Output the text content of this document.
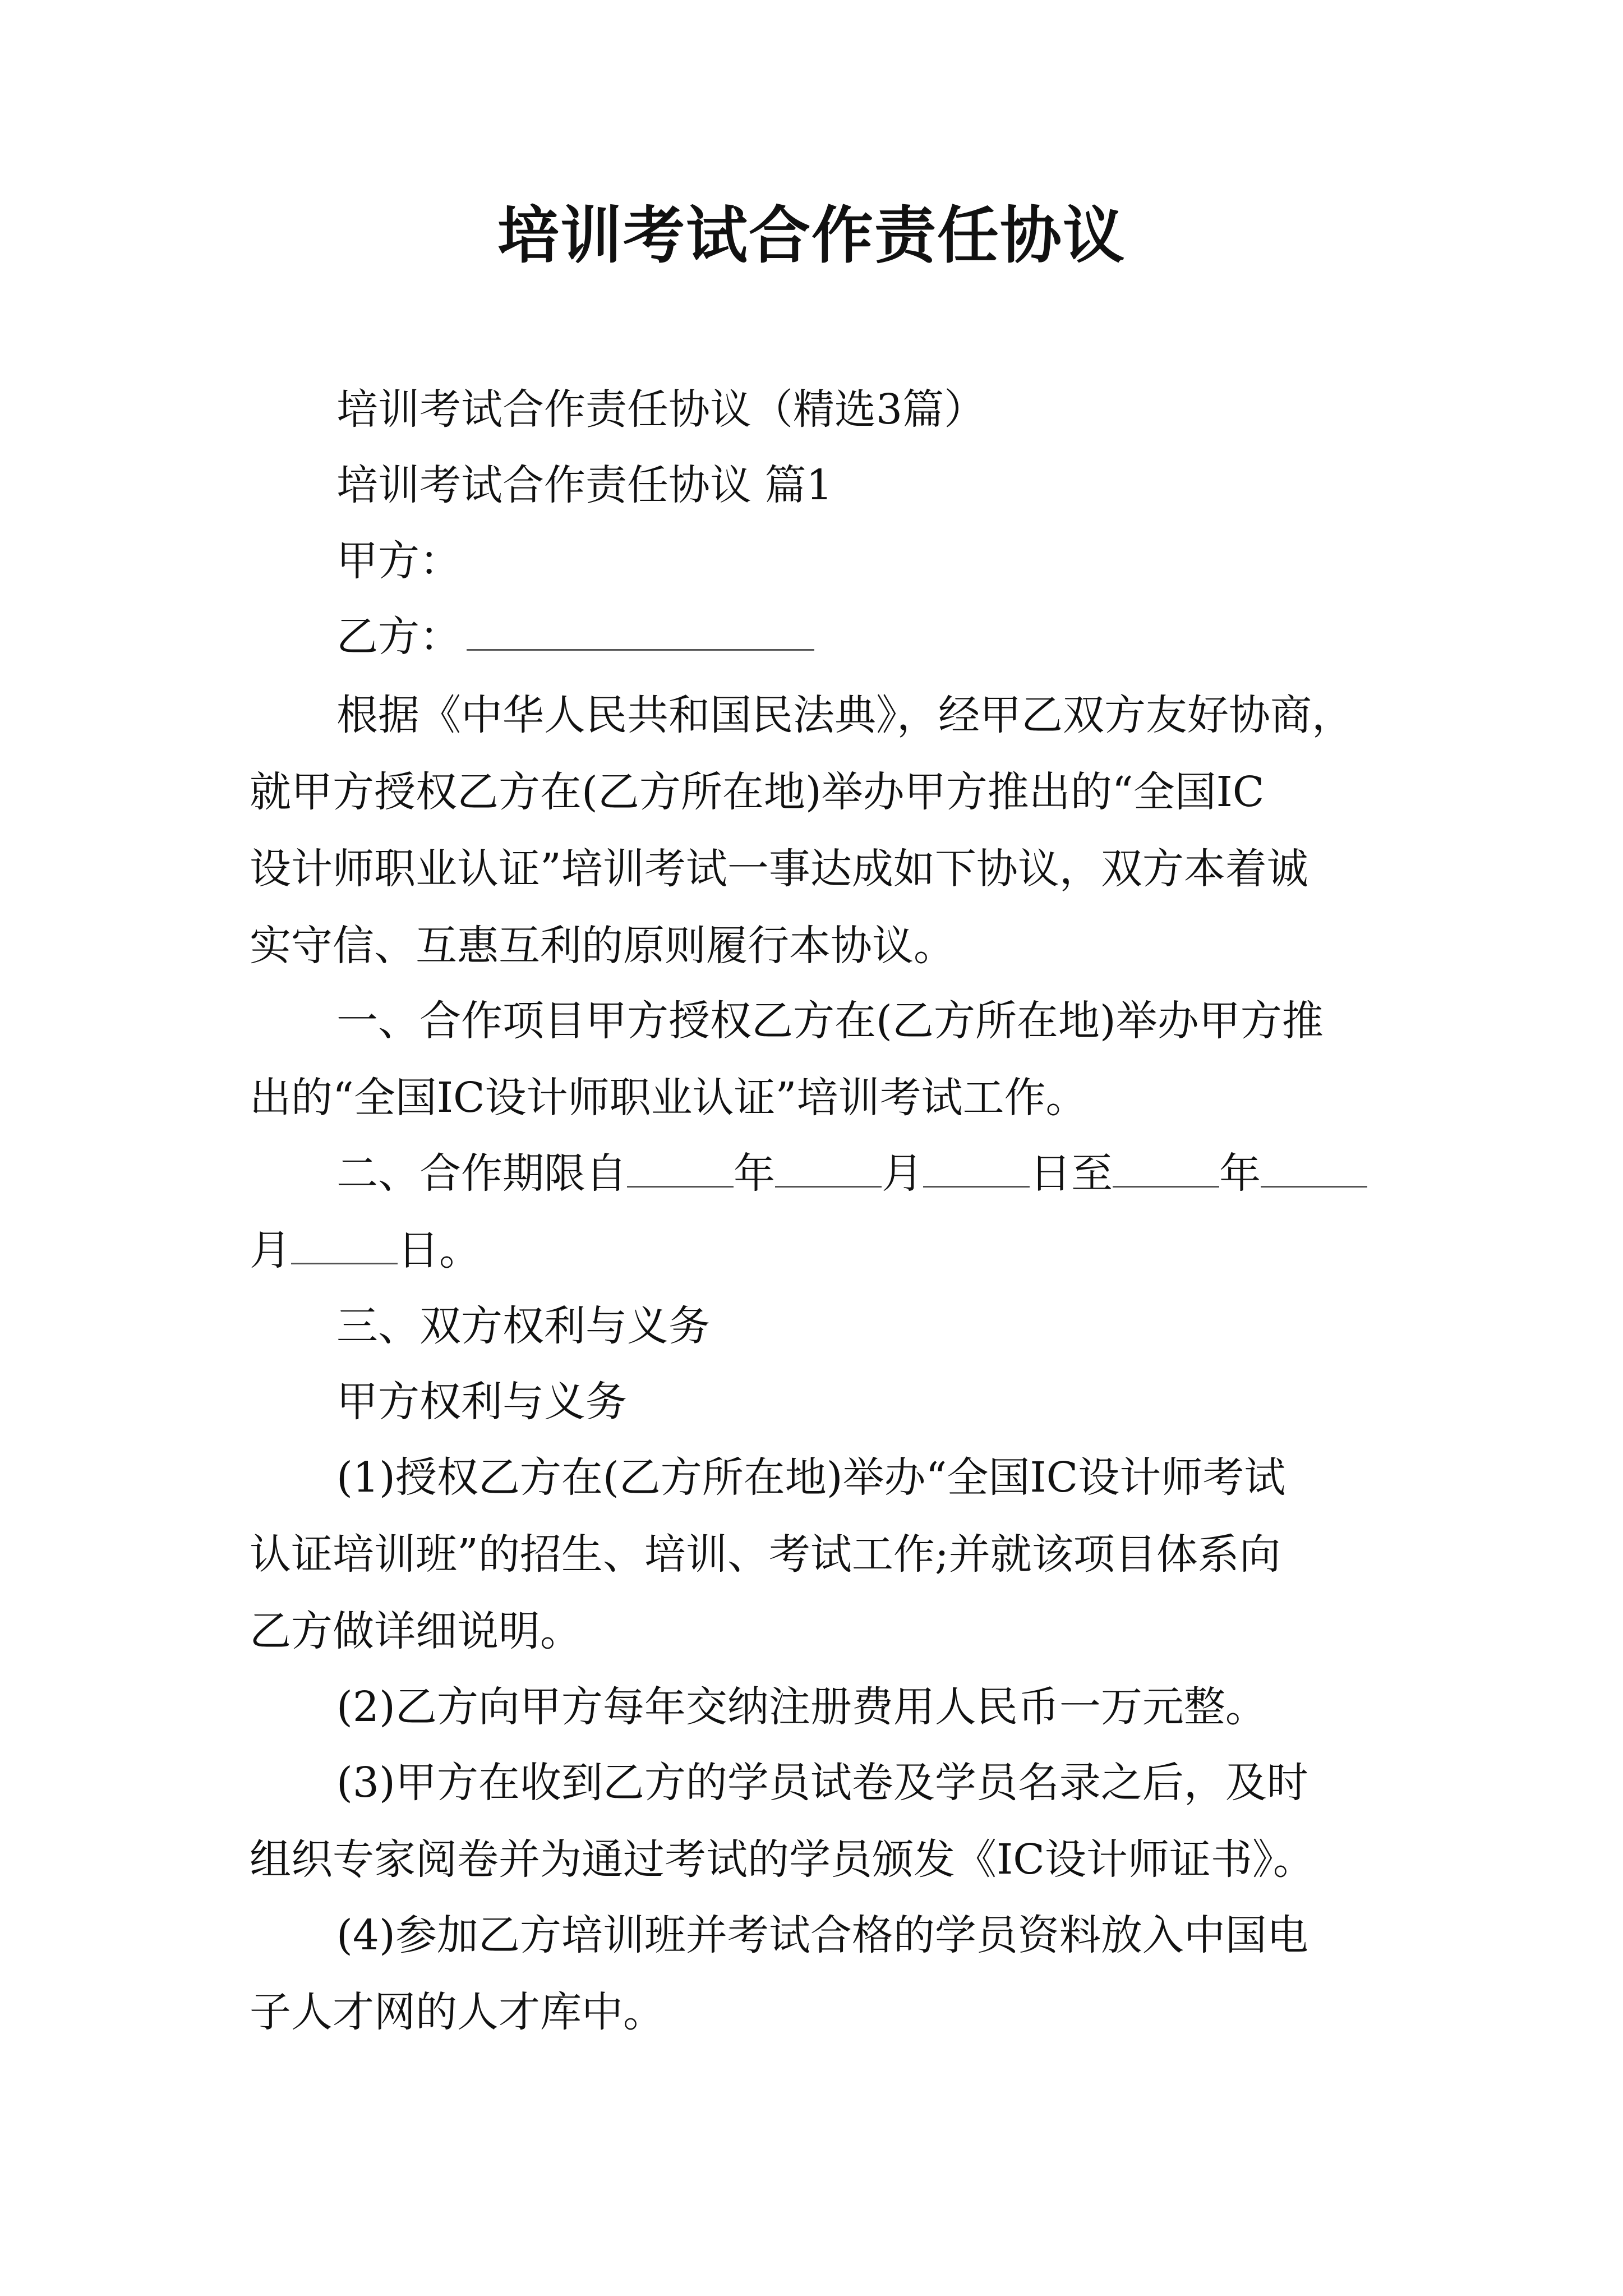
培训考试合作责任协议
培训考试合作责任协议（精选3篇）
培训考试合作责任协议 篇1
甲方：
乙方：
根据《中华人民共和国民法典》，经甲乙双方友好协商，
就甲方授权乙方在(乙方所在地)举办甲方推出的“全国IC
设计师职业认证”培训考试一事达成如下协议，双方本着诚
实守信、互惠互利的原则履行本协议。
一、合作项目甲方授权乙方在(乙方所在地)举办甲方推
出的“全国IC设计师职业认证”培训考试工作。
二、合作期限自	年	月	日至	年
月	日。
三、双方权利与义务
甲方权利与义务
(1)授权乙方在(乙方所在地)举办“全国IC设计师考试
认证培训班”的招生、培训、考试工作;并就该项目体系向
乙方做详细说明。
(2)乙方向甲方每年交纳注册费用人民币一万元整。
(3)甲方在收到乙方的学员试卷及学员名录之后，及时
组织专家阅卷并为通过考试的学员颁发《IC设计师证书》。
(4)参加乙方培训班并考试合格的学员资料放入中国电
子人才网的人才库中。
